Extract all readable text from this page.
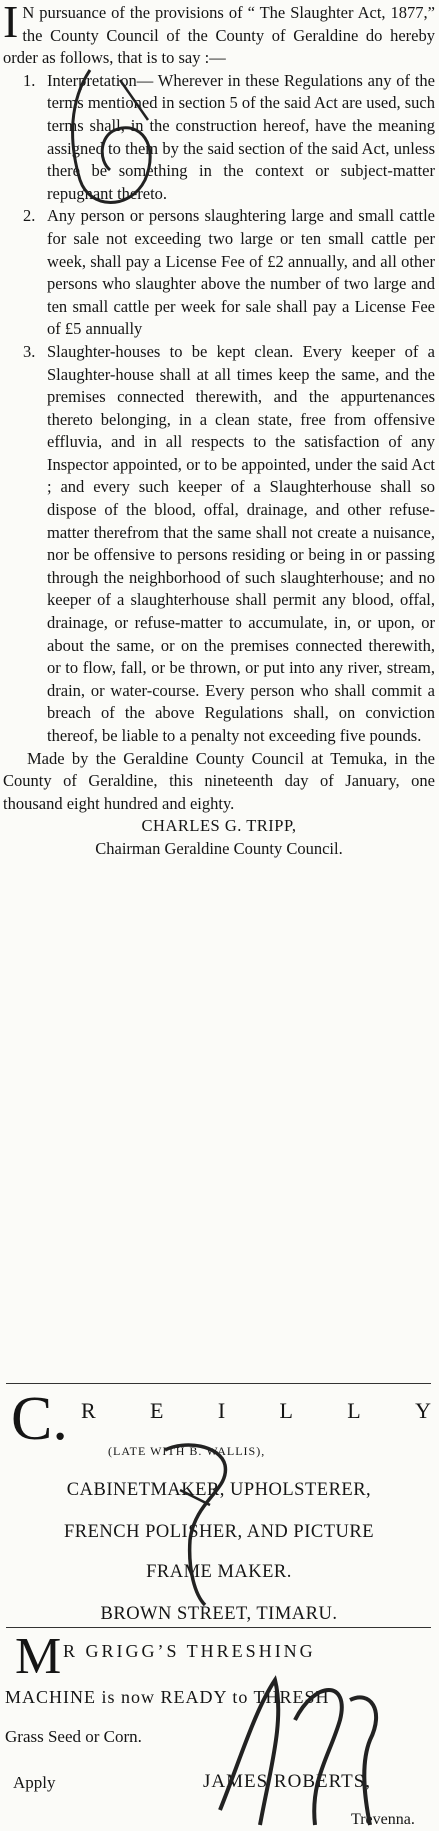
I N pursuance of the provisions of “ The Slaughter Act, 1877,” the County Council of the County of Geraldine do hereby order as follows, that is to say :—

1. Interpretation— Wherever in these Regulations any of the terms mentioned in section 5 of the said Act are used, such terms shall, in the construction hereof, have the meaning assigned to them by the said section of the said Act, unless there be something in the context or subject-matter repugnant thereto.

2. Any person or persons slaughtering large and small cattle for sale not exceeding two large or ten small cattle per week, shall pay a License Fee of £2 annually, and all other persons who slaughter above the number of two large and ten small cattle per week for sale shall pay a License Fee of £5 annually

3. Slaughter-houses to be kept clean. Every keeper of a Slaughter-house shall at all times keep the same, and the premises connected therewith, and the appurtenances thereto belonging, in a clean state, free from offensive effluvia, and in all respects to the satisfaction of any Inspector appointed, or to be appointed, under the said Act ; and every such keeper of a Slaughterhouse shall so dispose of the blood, offal, drainage, and other refuse-matter therefrom that the same shall not create a nuisance, nor be offensive to persons residing or being in or passing through the neighborhood of such slaughterhouse; and no keeper of a slaughterhouse shall permit any blood, offal, drainage, or refuse-matter to accumulate, in, or upon, or about the same, or on the premises connected therewith, or to flow, fall, or be thrown, or put into any river, stream, drain, or water-course. Every person who shall commit a breach of the above Regulations shall, on conviction thereof, be liable to a penalty not exceeding five pounds.

Made by the Geraldine County Council at Temuka, in the County of Geraldine, this nineteenth day of January, one thousand eight hundred and eighty.

CHARLES G. TRIPP,

Chairman Geraldine County Council.

C. R E I L L Y
(LATE WITH B. WALLIS),
CABINETMAKER, UPHOLSTERER,
FRENCH POLISHER, AND PICTURE
FRAME MAKER.
BROWN STREET, TIMARU.
M R GRIGG’S THRESHING
MACHINE is now READY to THRESH
Grass Seed or Corn.
Apply	JAMES ROBERTS,
Trevenna.
